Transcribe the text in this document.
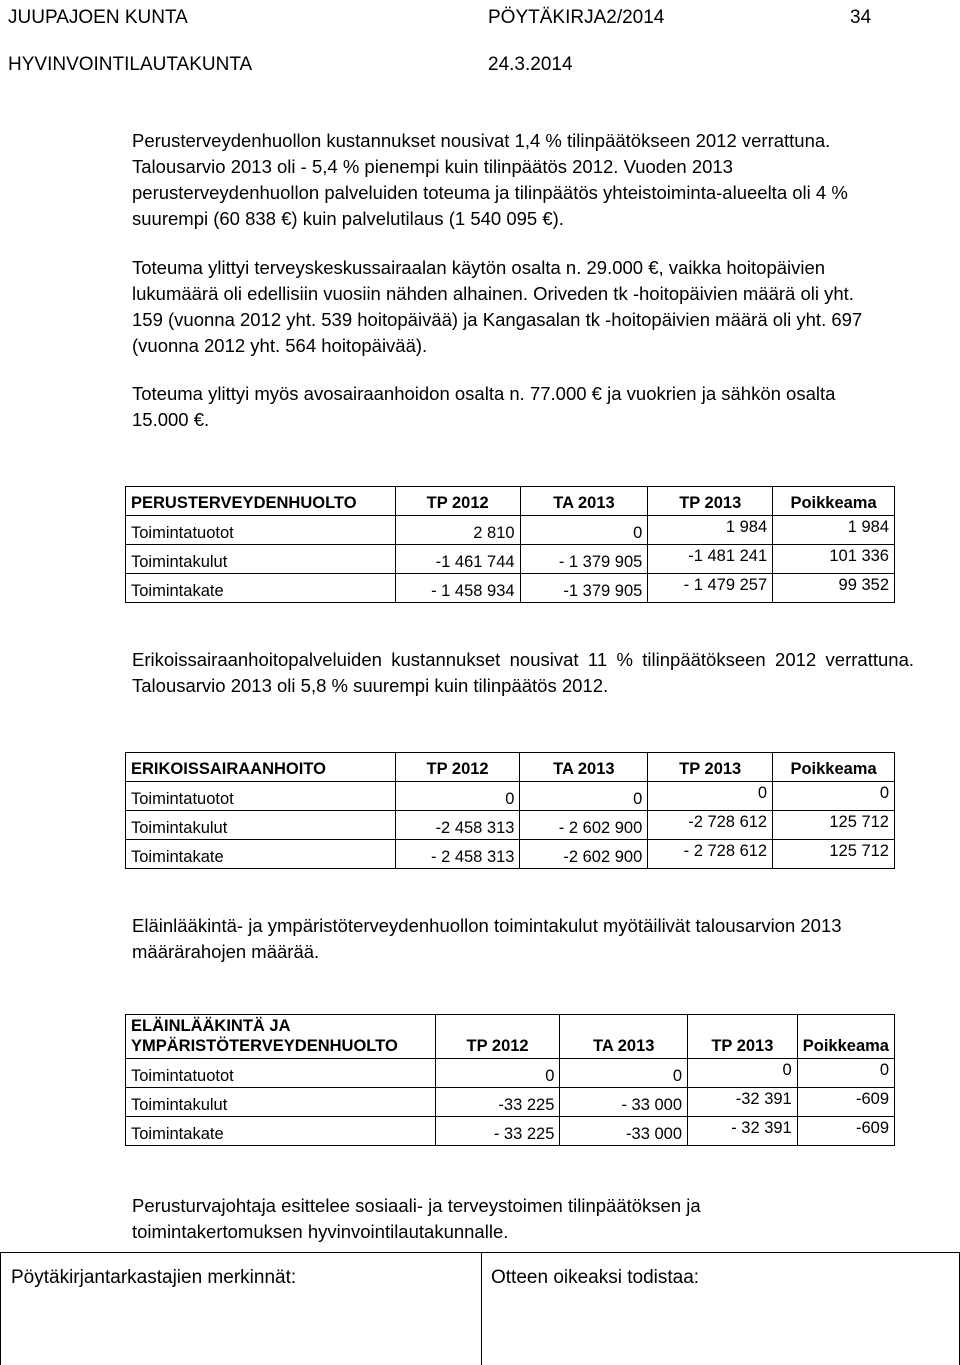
JUUPAJOEN KUNTA	PÖYTÄKIRJA2/2014	34
HYVINVOINTILAUTAKUNTA	24.3.2014

Perusterveydenhuollon kustannukset nousivat 1,4 % tilinpäätökseen 2012 verrattuna. Talousarvio 2013 oli - 5,4 % pienempi kuin tilinpäätös 2012. Vuoden 2013 perusterveydenhuollon palveluiden toteuma ja tilinpäätös yhteistoiminta-alueelta oli 4 % suurempi (60 838 €) kuin palvelutilaus (1 540 095 €).

Toteuma ylittyi terveyskeskussairaalan käytön osalta n. 29.000 €, vaikka hoitopäivien lukumäärä oli edellisiin vuosiin nähden alhainen. Oriveden tk -hoitopäivien määrä oli yht. 159 (vuonna 2012 yht. 539 hoitopäivää) ja Kangasalan tk -hoitopäivien määrä oli yht. 697 (vuonna 2012 yht. 564 hoitopäivää).

Toteuma ylittyi myös avosairaanhoidon osalta n. 77.000 € ja vuokrien ja sähkön osalta 15.000 €.

PERUSTERVEYDENHUOLTO	TP 2012	TA 2013	TP 2013	Poikkeama
Toimintatuotot	2 810	0	1 984	1 984
Toimintakulut	-1 461 744	- 1 379 905	-1 481 241	101 336
Toimintakate	- 1 458 934	-1 379 905	- 1 479 257	99 352

Erikoissairaanhoitopalveluiden kustannukset nousivat 11 % tilinpäätökseen 2012 verrattuna. Talousarvio 2013 oli 5,8 % suurempi kuin tilinpäätös 2012.

ERIKOISSAIRAANHOITO	TP 2012	TA 2013	TP 2013	Poikkeama
Toimintatuotot	0	0	0	0
Toimintakulut	-2 458 313	- 2 602 900	-2 728 612	125 712
Toimintakate	- 2 458 313	-2 602 900	- 2 728 612	125 712

Eläinlääkintä- ja ympäristöterveydenhuollon toimintakulut myötäilivät talousarvion 2013 määrärahojen määrää.

ELÄINLÄÄKINTÄ JA
YMPÄRISTÖTERVEYDENHUOLTO	TP 2012	TA 2013	TP 2013	Poikkeama
Toimintatuotot	0	0	0	0
Toimintakulut	-33 225	- 33 000	-32 391	-609
Toimintakate	- 33 225	-33 000	- 32 391	-609

Perusturvajohtaja esittelee sosiaali- ja terveystoimen tilinpäätöksen ja toimintakertomuksen hyvinvointilautakunnalle.

Pöytäkirjantarkastajien merkinnät:	Otteen oikeaksi todistaa:
